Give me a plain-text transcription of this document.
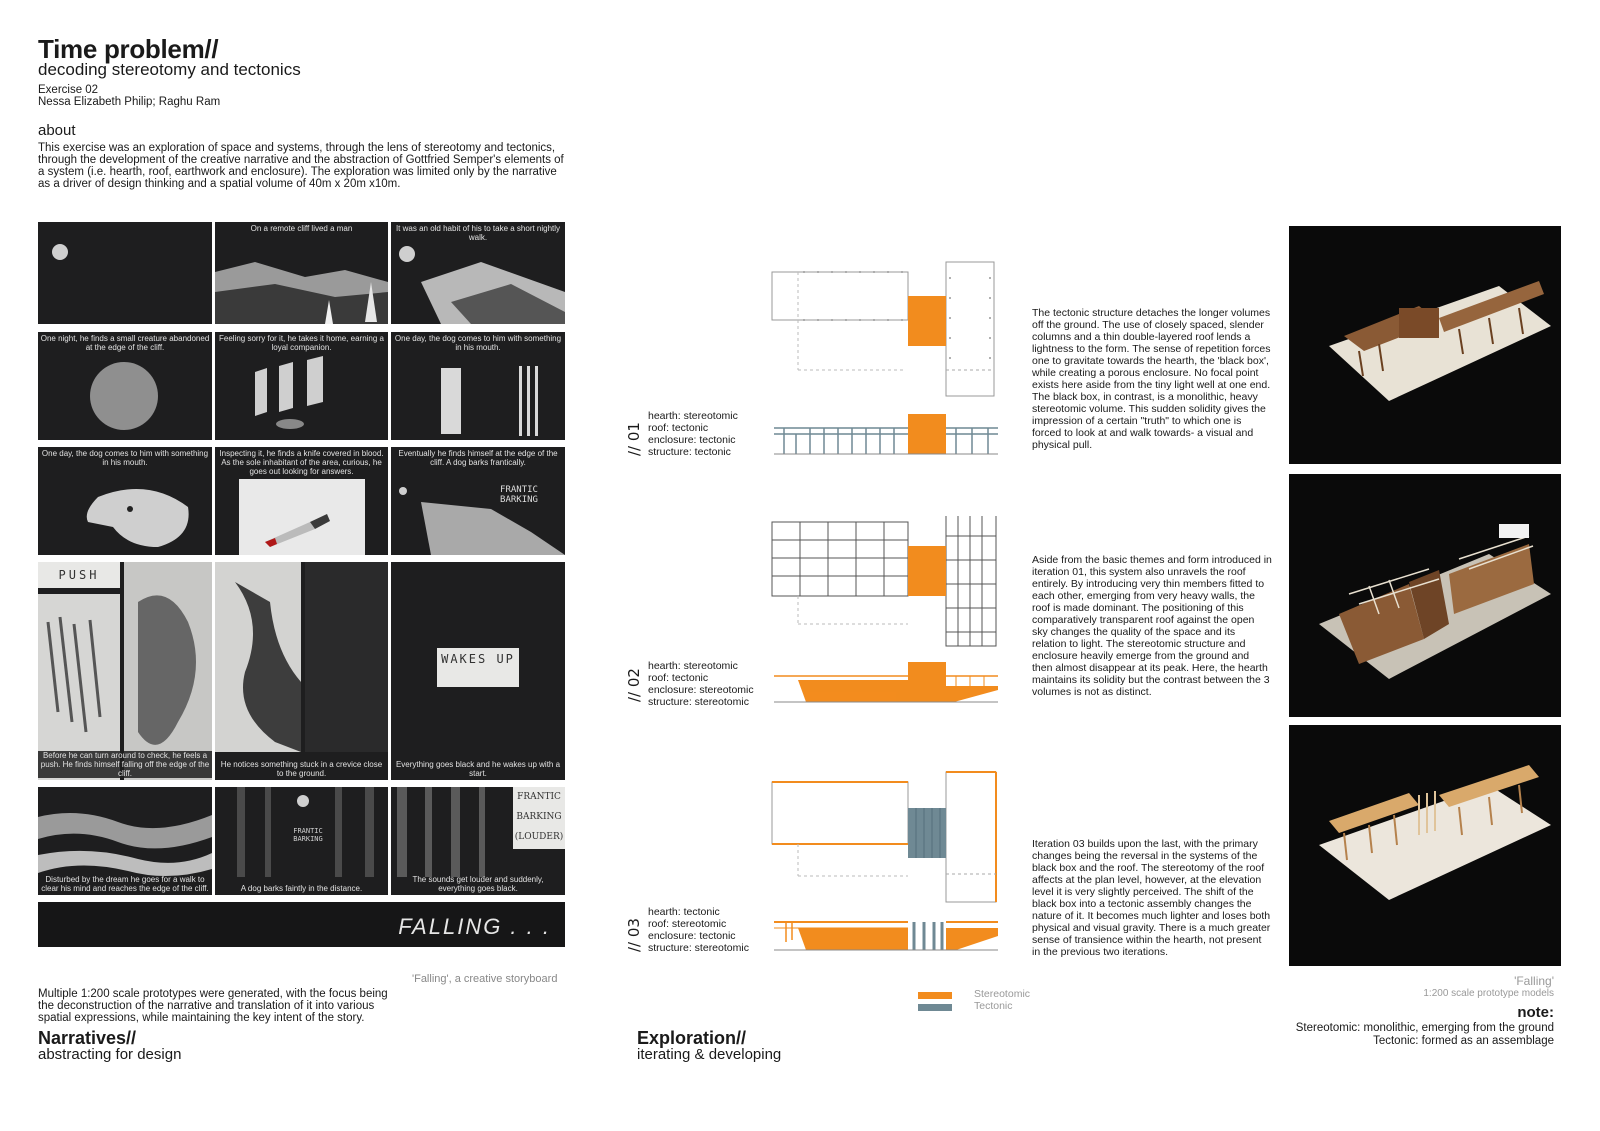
Time problem//
decoding stereotomy and tectonics
Exercise 02
Nessa Elizabeth Philip; Raghu Ram
about
This exercise was an exploration of space and systems, through the lens of stereotomy and tectonics, through the development of the creative narrative and the abstraction of Gottfried Semper's elements of a system (i.e. hearth, roof, earthwork and enclosure). The exploration was limited only by the narrative as a driver of design thinking and a spatial volume of 40m x 20m x10m.
On a remote cliff lived a man	It was an old habit of his to take a short nightly walk.
One night, he finds a small creature abandoned at the edge of the cliff.
Feeling sorry for it, he takes it home, earning a loyal companion.
One day, the dog comes to him with something in his mouth.
One day, the dog comes to him with something in his mouth.
Inspecting it, he finds a knife covered in blood. As the sole inhabitant of the area, curious, he goes out looking for answers.
Eventually he finds himself at the edge of the cliff. A dog barks frantically.
FRANTIC BARKING
PUSH
Before he can turn around to check, he feels a push. He finds himself falling off the edge of the cliff.
He notices something stuck in a crevice close to the ground.
WAKES UP
Everything goes black and he wakes up with a start.
Disturbed by the dream he goes for a walk to clear his mind and reaches the edge of the cliff.
FRANTIC BARKING
A dog barks faintly in the distance.
FRANTIC
BARKING
(LOUDER)
The sounds get louder and suddenly, everything goes black.
FALLING . . .
'Falling', a creative storyboard
Multiple 1:200 scale prototypes were generated, with the focus being the deconstruction of the narrative and translation of it into various spatial expressions, while maintaining the key intent of the story.
Narratives//
abstracting for design
// 01
hearth: stereotomic
roof: tectonic
enclosure: tectonic
structure: tectonic
The tectonic structure detaches the longer volumes off the ground. The use of closely spaced, slender columns and a thin double-layered roof lends a lightness to the form. The sense of repetition forces one to gravitate towards the hearth, the 'black box', while creating a porous enclosure. No focal point exists here aside from the tiny light well at one end. The black box, in contrast, is a monolithic, heavy stereotomic volume. This sudden solidity gives the impression of a certain "truth" to which one is forced to look at and walk towards- a visual and physical pull.
// 02
hearth: stereotomic
roof: tectonic
enclosure: stereotomic
structure: stereotomic
Aside from the basic themes and form introduced in iteration 01, this system also unravels the roof entirely. By introducing very thin members fitted to each other, emerging from very heavy walls, the roof is made dominant. The positioning of this comparatively transparent roof against the open sky changes the quality of the space and its relation to light. The stereotomic structure and enclosure heavily emerge from the ground and then almost disappear at its peak. Here, the hearth maintains its solidity but the contrast between the 3 volumes is not as distinct.
// 03
hearth: tectonic
roof: stereotomic
enclosure: tectonic
structure: stereotomic
Iteration 03 builds upon the last, with the primary changes being the reversal in the systems of the black box and the roof. The stereotomy of the roof affects at the plan level, however, at the elevation level it is very slightly perceived. The shift of the black box into a tectonic assembly changes the nature of it. It becomes much lighter and loses both physical and visual gravity. There is a much greater sense of transience within the hearth, not present in the previous two iterations.
Stereotomic
Tectonic
Exploration//
iterating & developing
'Falling'
1:200 scale prototype models
note:
Stereotomic: monolithic, emerging from the ground
Tectonic: formed as an assemblage
